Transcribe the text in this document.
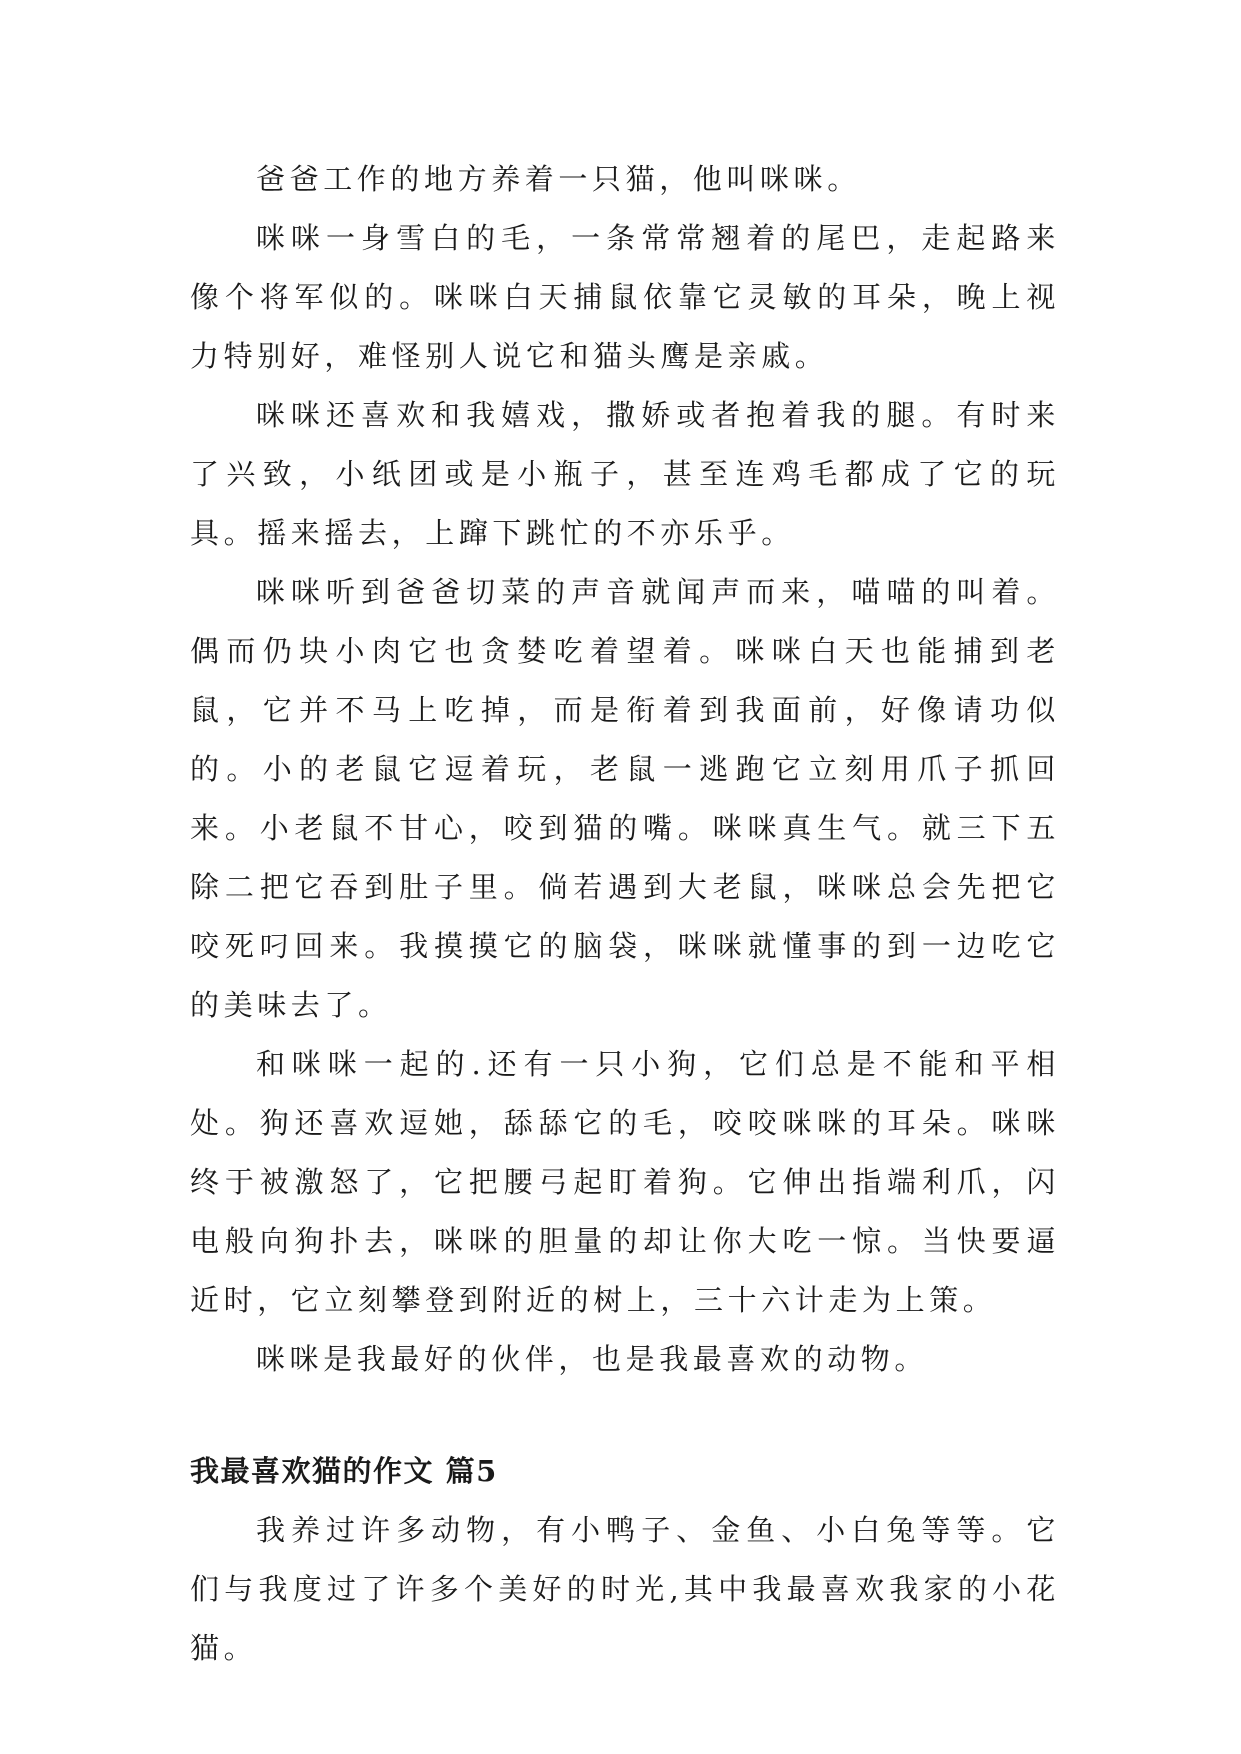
爸爸工作的地方养着一只猫，他叫咪咪。

咪咪一身雪白的毛，一条常常翘着的尾巴，走起路来像个将军似的。咪咪白天捕鼠依靠它灵敏的耳朵，晚上视力特别好，难怪别人说它和猫头鹰是亲戚。

咪咪还喜欢和我嬉戏，撒娇或者抱着我的腿。有时来了兴致，小纸团或是小瓶子，甚至连鸡毛都成了它的玩具。摇来摇去，上蹿下跳忙的不亦乐乎。

咪咪听到爸爸切菜的声音就闻声而来，喵喵的叫着。偶而仍块小肉它也贪婪吃着望着。咪咪白天也能捕到老鼠，它并不马上吃掉，而是衔着到我面前，好像请功似的。小的老鼠它逗着玩，老鼠一逃跑它立刻用爪子抓回来。小老鼠不甘心，咬到猫的嘴。咪咪真生气。就三下五除二把它吞到肚子里。倘若遇到大老鼠，咪咪总会先把它咬死叼回来。我摸摸它的脑袋，咪咪就懂事的到一边吃它的美味去了。

和咪咪一起的.还有一只小狗，它们总是不能和平相处。狗还喜欢逗她，舔舔它的毛，咬咬咪咪的耳朵。咪咪终于被激怒了，它把腰弓起盯着狗。它伸出指端利爪，闪电般向狗扑去，咪咪的胆量的却让你大吃一惊。当快要逼近时，它立刻攀登到附近的树上，三十六计走为上策。

咪咪是我最好的伙伴，也是我最喜欢的动物。

我最喜欢猫的作文 篇5

我养过许多动物，有小鸭子、金鱼、小白兔等等。它们与我度过了许多个美好的时光,其中我最喜欢我家的小花猫。
